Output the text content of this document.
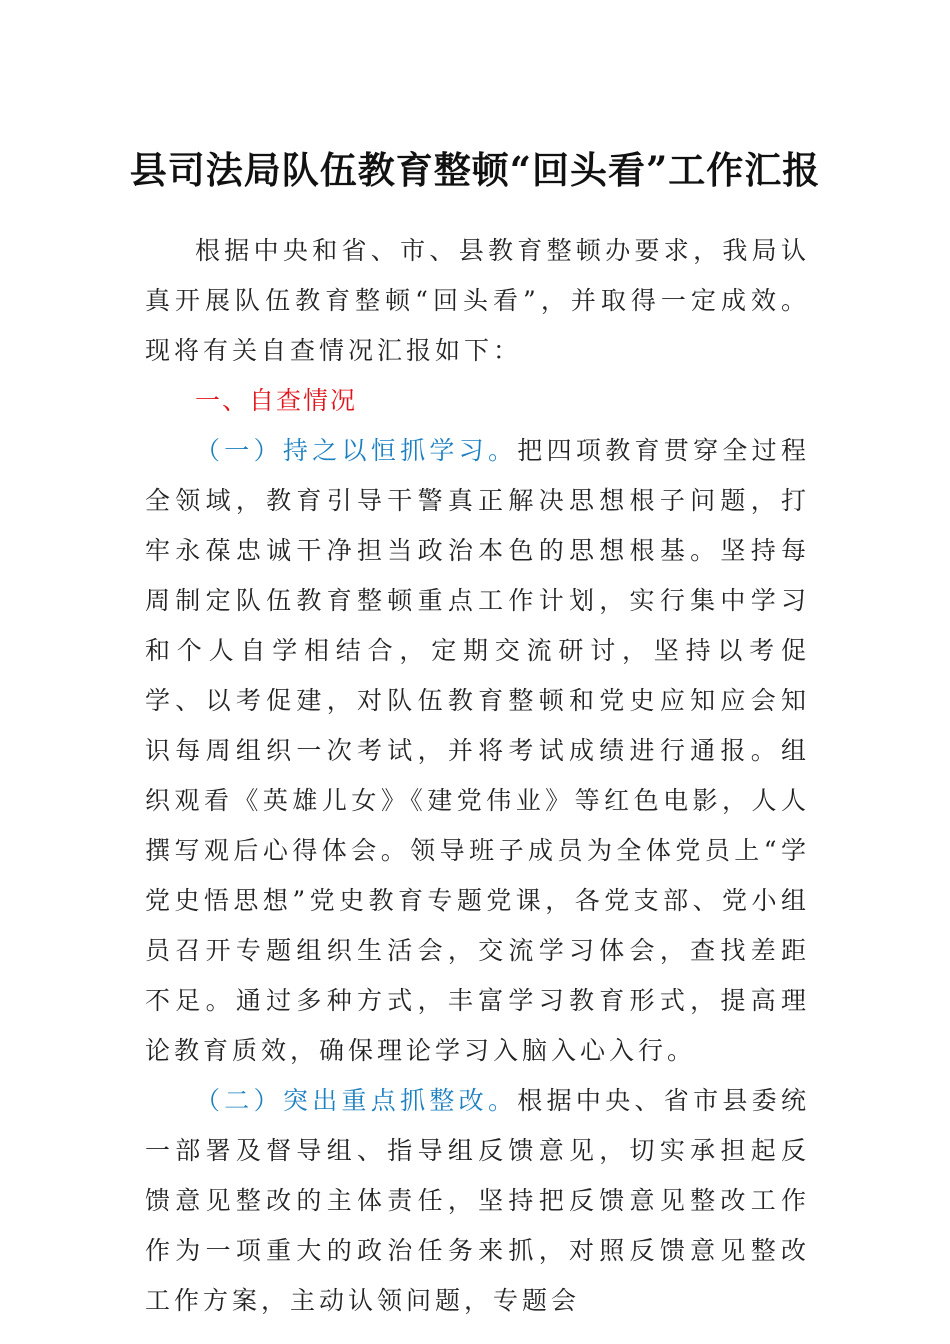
县司法局队伍教育整顿“回头看”工作汇报

根据中央和省、市、县教育整顿办要求，我局认真开展队伍教育整顿“回头看”，并取得一定成效。现将有关自查情况汇报如下：

一、自查情况

（一）持之以恒抓学习。把四项教育贯穿全过程全领域，教育引导干警真正解决思想根子问题，打牢永葆忠诚干净担当政治本色的思想根基。坚持每周制定队伍教育整顿重点工作计划，实行集中学习和个人自学相结合，定期交流研讨，坚持以考促学、以考促建，对队伍教育整顿和党史应知应会知识每周组织一次考试，并将考试成绩进行通报。组织观看《英雄儿女》《建党伟业》等红色电影，人人撰写观后心得体会。领导班子成员为全体党员上“学党史悟思想”党史教育专题党课，各党支部、党小组员召开专题组织生活会，交流学习体会，查找差距不足。通过多种方式，丰富学习教育形式，提高理论教育质效，确保理论学习入脑入心入行。

（二）突出重点抓整改。根据中央、省市县委统一部署及督导组、指导组反馈意见，切实承担起反馈意见整改的主体责任，坚持把反馈意见整改工作作为一项重大的政治任务来抓，对照反馈意见整改工作方案，主动认领问题，专题会
